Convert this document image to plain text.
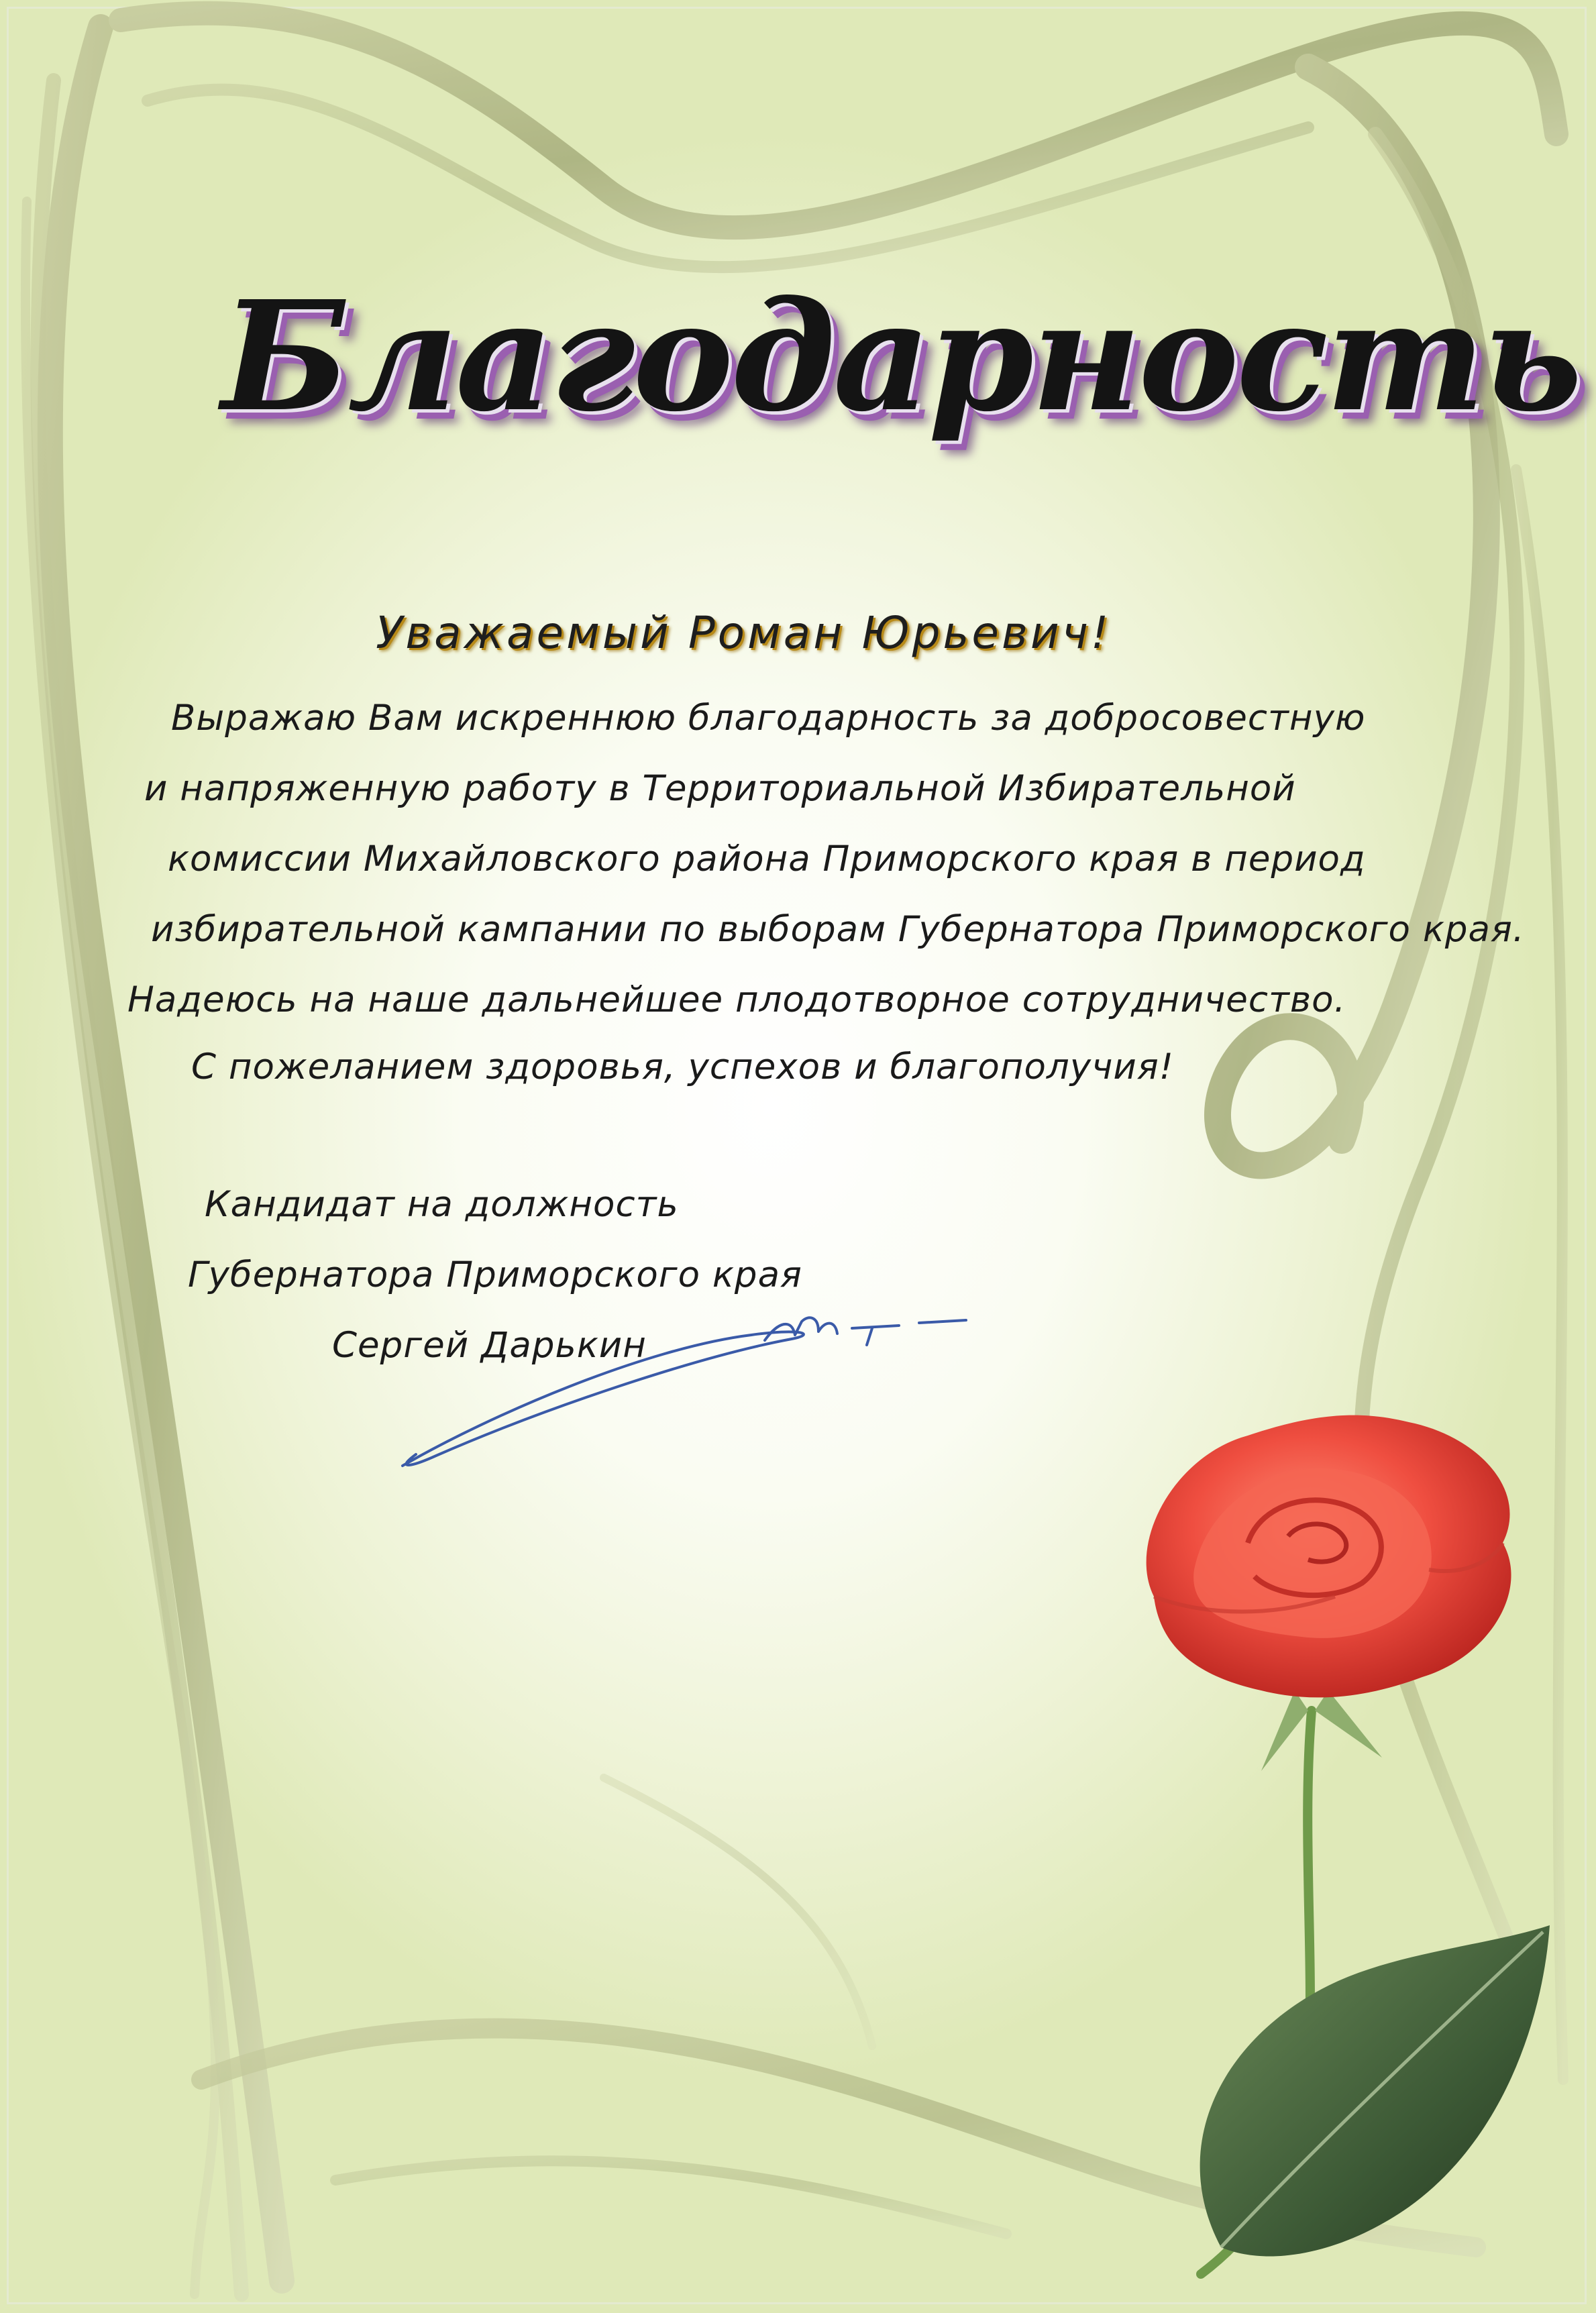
Благодарность
Уважаемый Роман Юрьевич!
Выражаю Вам искреннюю благодарность за добросовестную
и напряженную работу в Территориальной Избирательной
комиссии Михайловского района Приморского края в период
избирательной кампании по выборам Губернатора Приморского края.
Надеюсь на наше дальнейшее плодотворное сотрудничество.
С пожеланием здоровья, успехов и благополучия!
Кандидат на должность
Губернатора Приморского края
Сергей Дарькин
